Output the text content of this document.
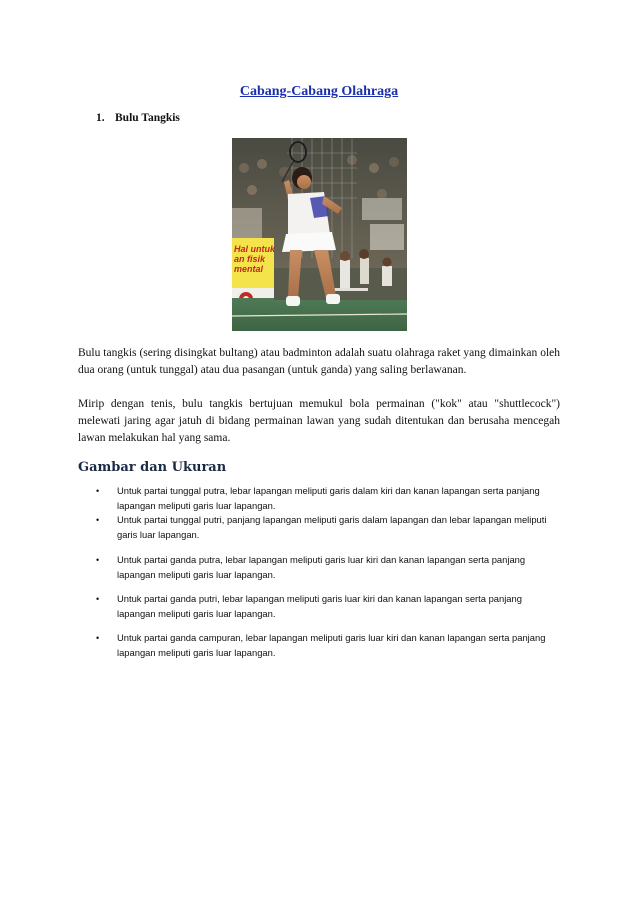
Cabang-Cabang Olahraga

1. Bulu Tangkis

Hal untuk
an fisik
mental

Bulu tangkis (sering disingkat bultang) atau badminton adalah suatu olahraga raket yang dimainkan oleh dua orang (untuk tunggal) atau dua pasangan (untuk ganda) yang saling berlawanan.

Mirip dengan tenis, bulu tangkis bertujuan memukul bola permainan ("kok" atau "shuttlecock") melewati jaring agar jatuh di bidang permainan lawan yang sudah ditentukan dan berusaha mencegah lawan melakukan hal yang sama.

Gambar dan Ukuran
•	Untuk partai tunggal putra, lebar lapangan meliputi garis dalam kiri dan kanan lapangan serta panjang lapangan meliputi garis luar lapangan.
•	Untuk partai tunggal putri, panjang lapangan meliputi garis dalam lapangan dan lebar lapangan meliputi garis luar lapangan.
•	Untuk partai ganda putra, lebar lapangan meliputi garis luar kiri dan kanan lapangan serta panjang lapangan meliputi garis luar lapangan.
•	Untuk partai ganda putri, lebar lapangan meliputi garis luar kiri dan kanan lapangan serta panjang lapangan meliputi garis luar lapangan.
•	Untuk partai ganda campuran, lebar lapangan meliputi garis luar kiri dan kanan lapangan serta panjang lapangan meliputi garis luar lapangan.
